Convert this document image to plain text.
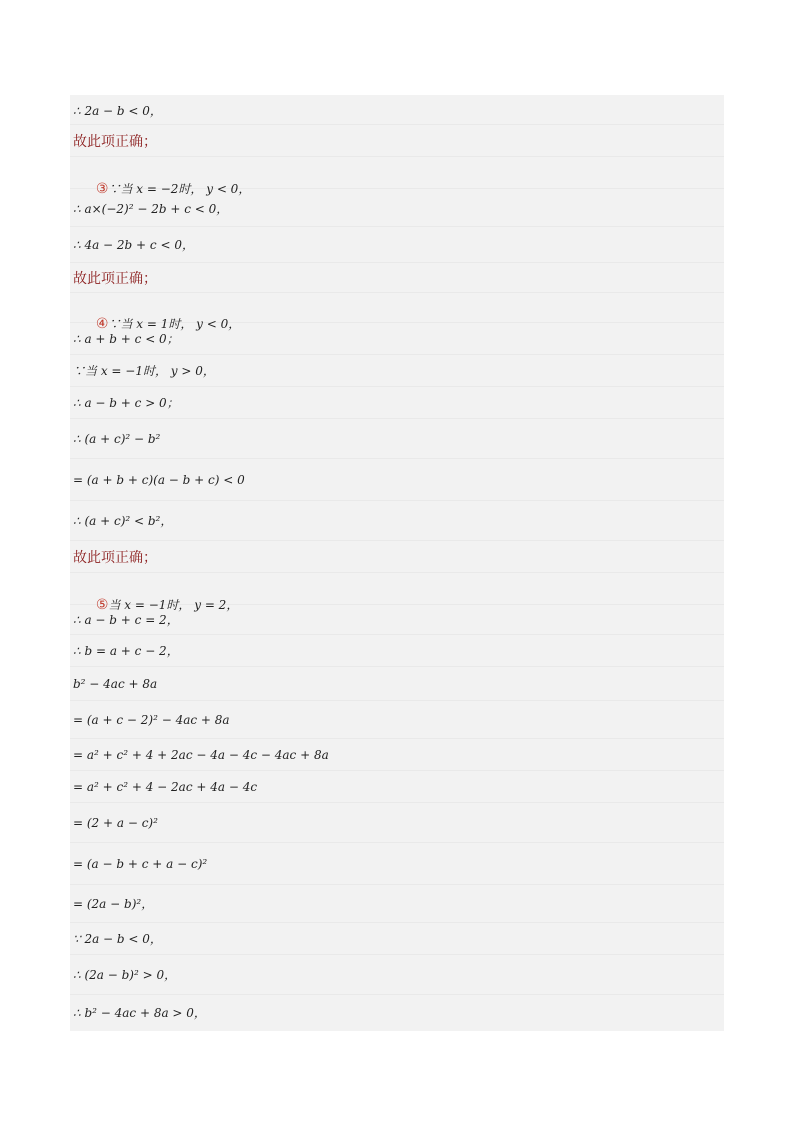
∴ 2a − b < 0，
故此项正确；

③∵当 x = −2时， y < 0，

∴ a×(−2)² − 2b + c < 0，
∴ 4a − 2b + c < 0，
故此项正确；

④∵当 x = 1时， y < 0，

∴ a + b + c < 0；
∵当 x = −1时， y > 0，
∴ a − b + c > 0；
∴ (a + c)² − b²
= (a + b + c)(a − b + c) < 0
∴ (a + c)² < b²，
故此项正确；

⑤当 x = −1时， y = 2，

∴ a − b + c = 2，
∴ b = a + c − 2，
b² − 4ac + 8a
= (a + c − 2)² − 4ac + 8a
= a² + c² + 4 + 2ac − 4a − 4c − 4ac + 8a
= a² + c² + 4 − 2ac + 4a − 4c
= (2 + a − c)²
= (a − b + c + a − c)²
= (2a − b)²，
∵ 2a − b < 0，
∴ (2a − b)² > 0，
∴ b² − 4ac + 8a > 0，
